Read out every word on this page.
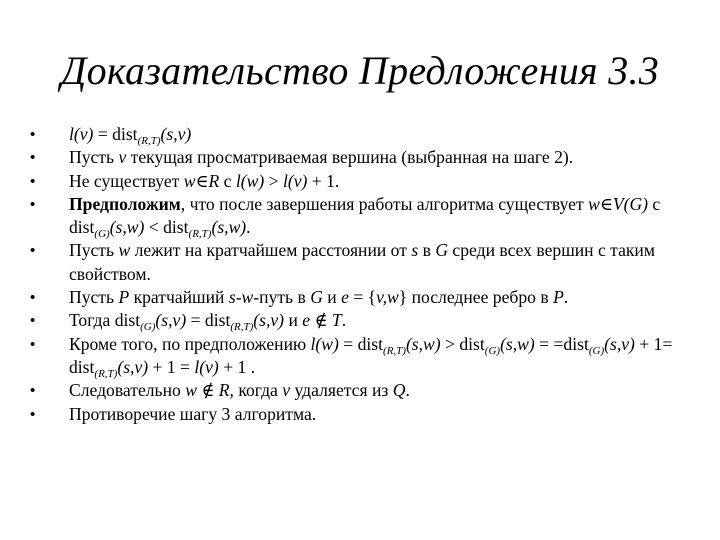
Доказательство Предложения 3.3
• l(v) = dist$_{(R,T)}$(s,v)
• Пусть v текущая просматриваемая вершина (выбранная на шаге 2).
• Не существует w∈R с l(w) > l(v) + 1.
• Предположим, что после завершения работы алгоритма существует w∈V(G) с dist$_{(G)}$(s,w) < dist$_{(R,T)}$(s,w).
• Пусть w лежит на кратчайшем расстоянии от s в G среди всех вершин с таким свойством.
• Пусть P кратчайший s-w-путь в G и e = {v,w} последнее ребро в P.
• Тогда dist$_{(G)}$(s,v) = dist$_{(R,T)}$(s,v) и e ∉ T.
• Кроме того, по предположению l(w) = dist$_{(R,T)}$(s,w) > dist$_{(G)}$(s,w) = =dist$_{(G)}$(s,v) + 1= dist$_{(R,T)}$(s,v) + 1 = l(v) + 1 .
• Следовательно w ∉ R, когда v удаляется из Q.
• Противоречие шагу 3 алгоритма.
